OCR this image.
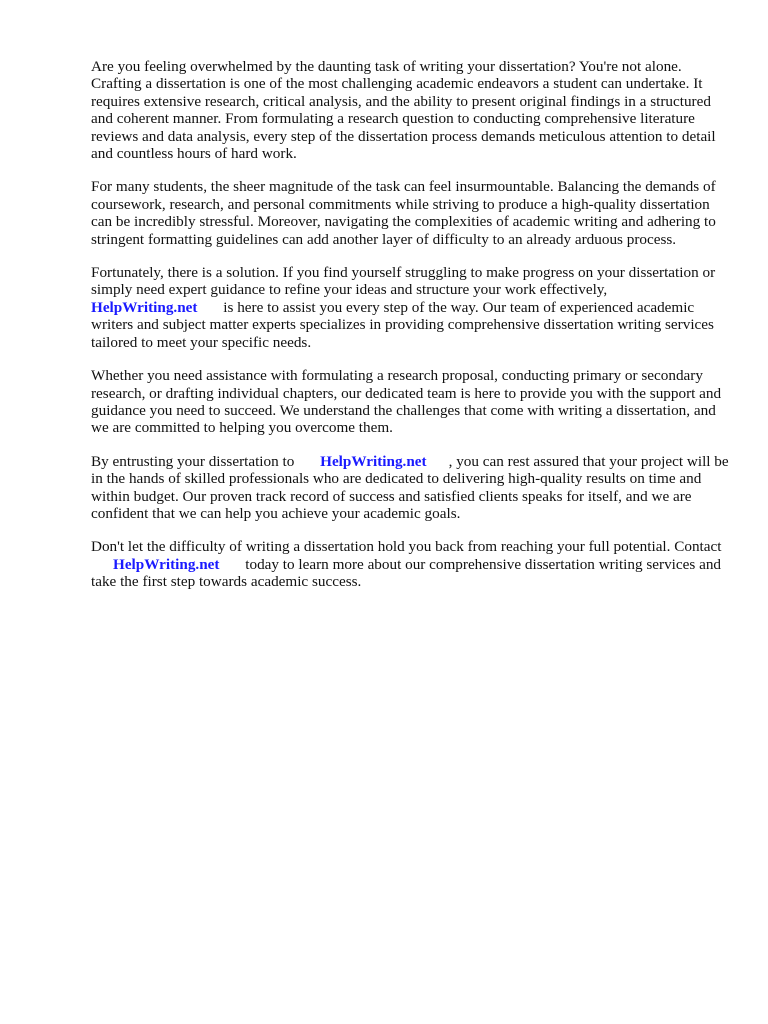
Are you feeling overwhelmed by the daunting task of writing your dissertation? You're not alone. Crafting a dissertation is one of the most challenging academic endeavors a student can undertake. It requires extensive research, critical analysis, and the ability to present original findings in a structured and coherent manner. From formulating a research question to conducting comprehensive literature reviews and data analysis, every step of the dissertation process demands meticulous attention to detail and countless hours of hard work.

For many students, the sheer magnitude of the task can feel insurmountable. Balancing the demands of coursework, research, and personal commitments while striving to produce a high-quality dissertation can be incredibly stressful. Moreover, navigating the complexities of academic writing and adhering to stringent formatting guidelines can add another layer of difficulty to an already arduous process.

Fortunately, there is a solution. If you find yourself struggling to make progress on your dissertation or simply need expert guidance to refine your ideas and structure your work effectively,
HelpWriting.net is here to assist you every step of the way. Our team of experienced academic writers and subject matter experts specializes in providing comprehensive dissertation writing services tailored to meet your specific needs.

Whether you need assistance with formulating a research proposal, conducting primary or secondary research, or drafting individual chapters, our dedicated team is here to provide you with the support and guidance you need to succeed. We understand the challenges that come with writing a dissertation, and we are committed to helping you overcome them.

By entrusting your dissertation to HelpWriting.net , you can rest assured that your project will be in the hands of skilled professionals who are dedicated to delivering high-quality results on time and within budget. Our proven track record of success and satisfied clients speaks for itself, and we are confident that we can help you achieve your academic goals.

Don't let the difficulty of writing a dissertation hold you back from reaching your full potential. Contact HelpWriting.net today to learn more about our comprehensive dissertation writing services and take the first step towards academic success.
